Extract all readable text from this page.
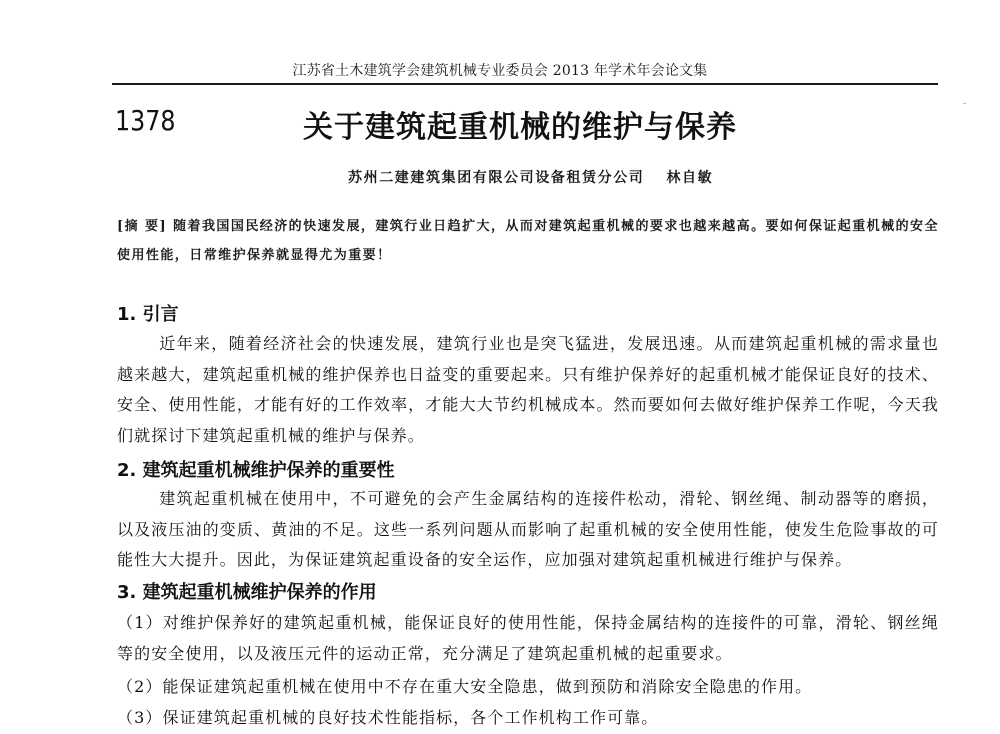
江苏省土木建筑学会建筑机械专业委员会 2013 年学术年会论文集
1378	关于建筑起重机械的维护与保养
苏州二建建筑集团有限公司设备租赁分公司 林自敏
[摘 要] 随着我国国民经济的快速发展，建筑行业日趋扩大，从而对建筑起重机械的要求也越来越高。要如何保证起重机械的安全使用性能，日常维护保养就显得尤为重要！
1. 引言
近年来，随着经济社会的快速发展，建筑行业也是突飞猛进，发展迅速。从而建筑起重机械的需求量也越来越大，建筑起重机械的维护保养也日益变的重要起来。只有维护保养好的起重机械才能保证良好的技术、安全、使用性能，才能有好的工作效率，才能大大节约机械成本。然而要如何去做好维护保养工作呢，今天我们就探讨下建筑起重机械的维护与保养。
2. 建筑起重机械维护保养的重要性
建筑起重机械在使用中，不可避免的会产生金属结构的连接件松动，滑轮、钢丝绳、制动器等的磨损，以及液压油的变质、黄油的不足。这些一系列问题从而影响了起重机械的安全使用性能，使发生危险事故的可能性大大提升。因此，为保证建筑起重设备的安全运作，应加强对建筑起重机械进行维护与保养。
3. 建筑起重机械维护保养的作用
（1）对维护保养好的建筑起重机械，能保证良好的使用性能，保持金属结构的连接件的可靠，滑轮、钢丝绳等的安全使用，以及液压元件的运动正常，充分满足了建筑起重机械的起重要求。
（2）能保证建筑起重机械在使用中不存在重大安全隐患，做到预防和消除安全隐患的作用。
（3）保证建筑起重机械的良好技术性能指标，各个工作机构工作可靠。
